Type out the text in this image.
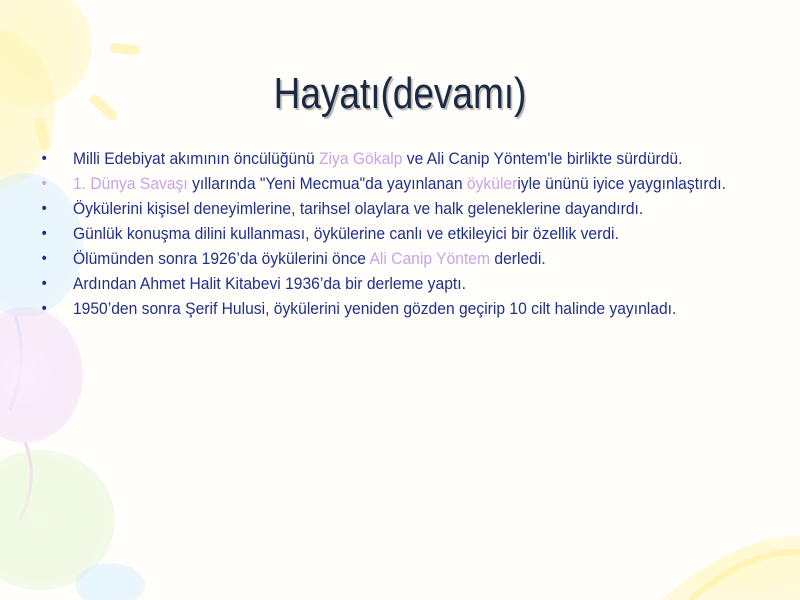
Hayatı(devamı)
• Milli Edebiyat akımının öncülüğünü Ziya Gökalp ve Ali Canip Yöntem'le birlikte sürdürdü.
• 1. Dünya Savaşı yıllarında "Yeni Mecmua"da yayınlanan öyküleriyle ününü iyice yaygınlaştırdı.
• Öykülerini kişisel deneyimlerine, tarihsel olaylara ve halk geleneklerine dayandırdı.
• Günlük konuşma dilini kullanması, öykülerine canlı ve etkileyici bir özellik verdi.
• Ölümünden sonra 1926’da öykülerini önce Ali Canip Yöntem derledi.
• Ardından Ahmet Halit Kitabevi 1936’da bir derleme yaptı.
• 1950’den sonra Şerif Hulusi, öykülerini yeniden gözden geçirip 10 cilt halinde yayınladı.
